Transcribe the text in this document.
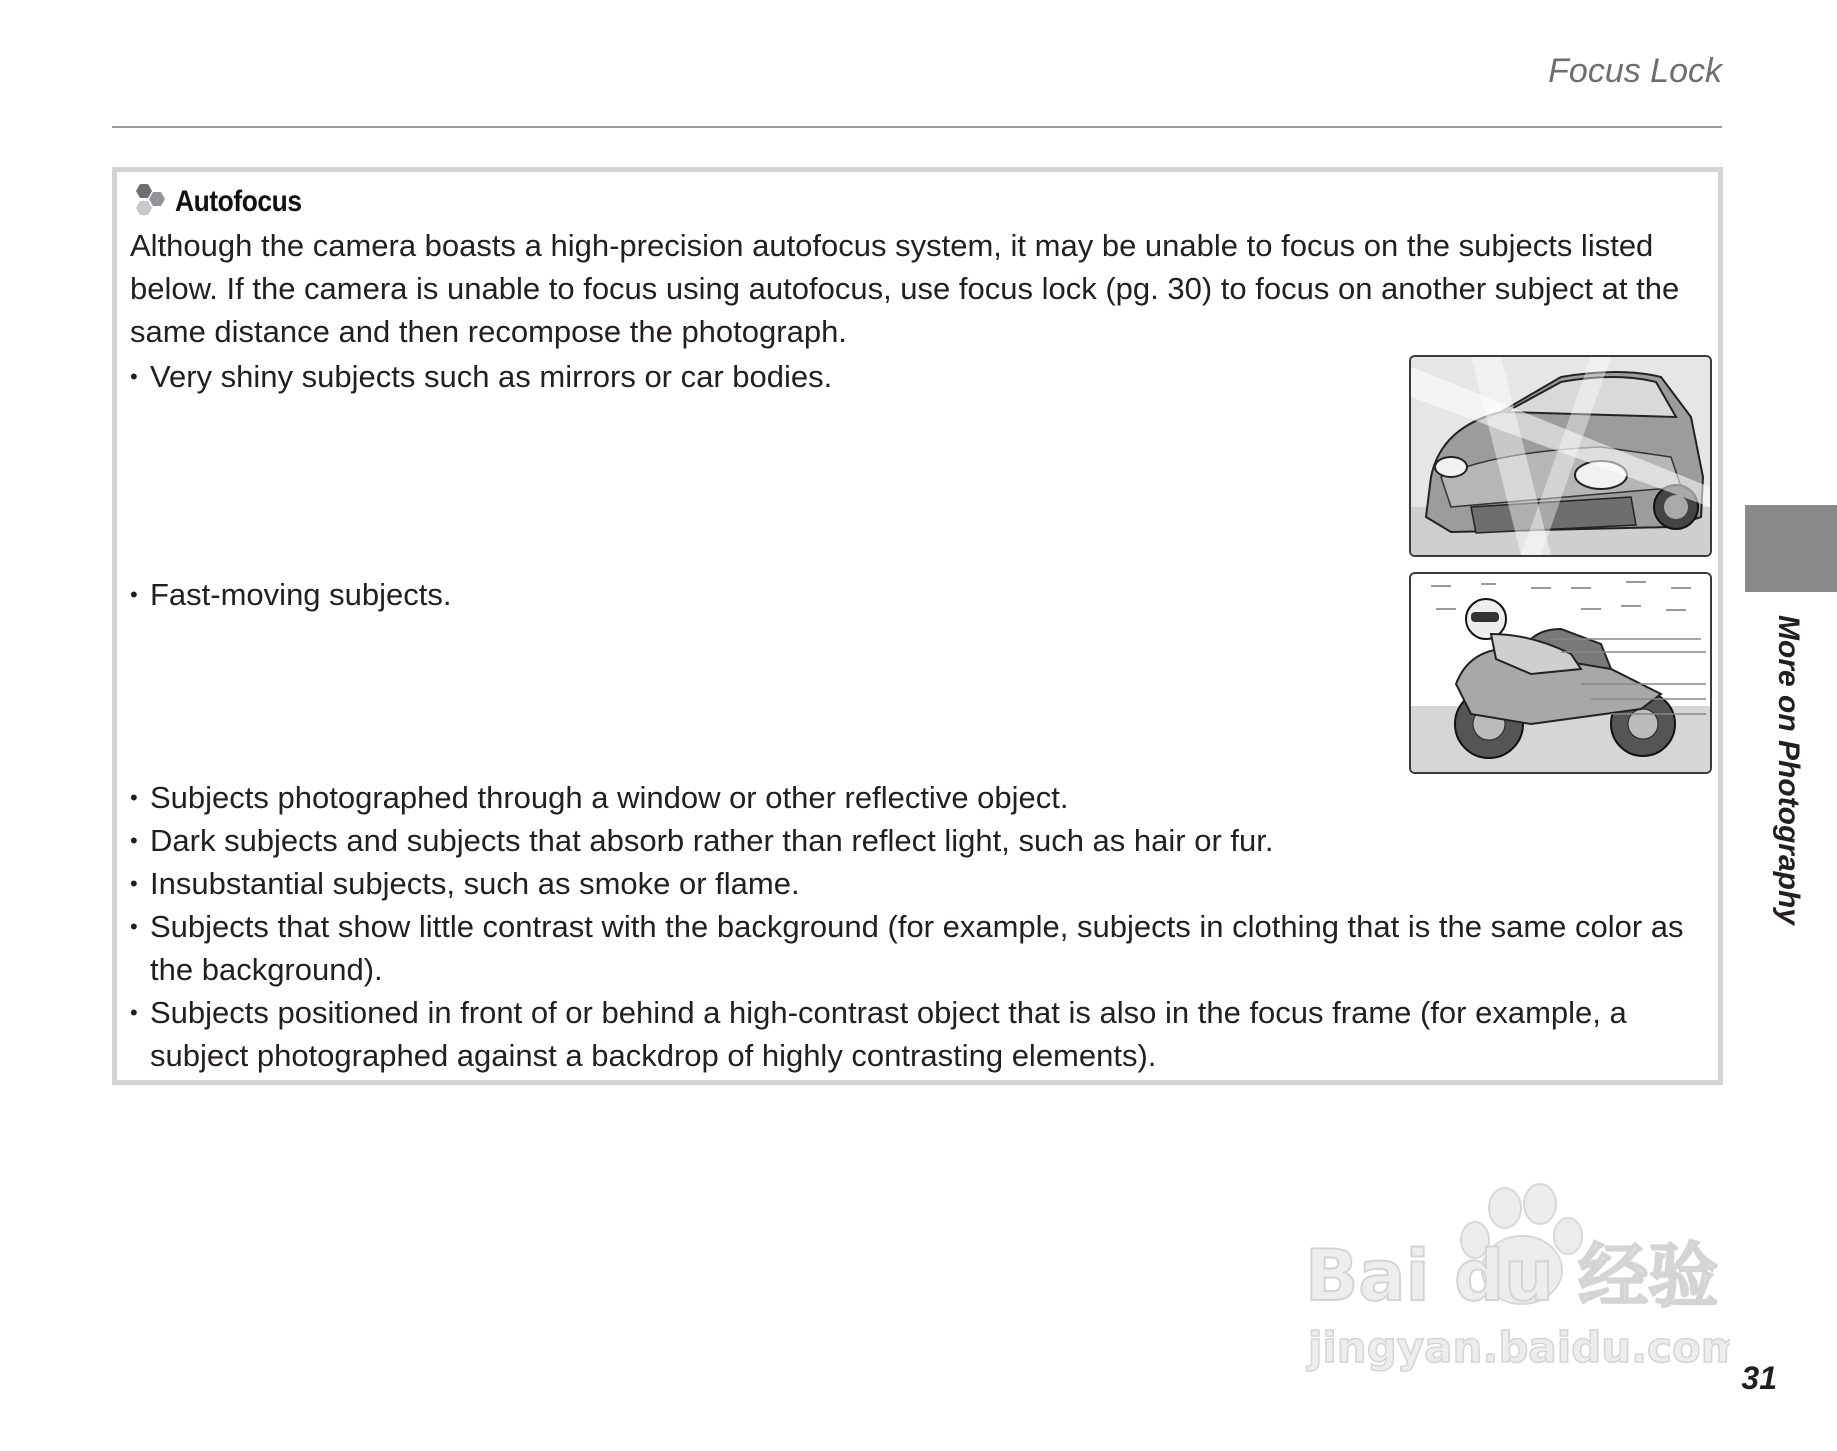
Focus Lock
Autofocus
Although the camera boasts a high-precision autofocus system, it may be unable to focus on the subjects listed below. If the camera is unable to focus using autofocus, use focus lock (pg. 30) to focus on another subject at the same distance and then recompose the photograph.
• Very shiny subjects such as mirrors or car bodies.
• Fast-moving subjects.
• Subjects photographed through a window or other reflective object.
• Dark subjects and subjects that absorb rather than reflect light, such as hair or fur.
• Insubstantial subjects, such as smoke or flame.
• Subjects that show little contrast with the background (for example, subjects in clothing that is the same color as the background).
• Subjects positioned in front of or behind a high-contrast object that is also in the focus frame (for example, a subject photographed against a backdrop of highly contrasting elements).
More on Photography
Bai du 经验
jingyan.baidu.com
31
